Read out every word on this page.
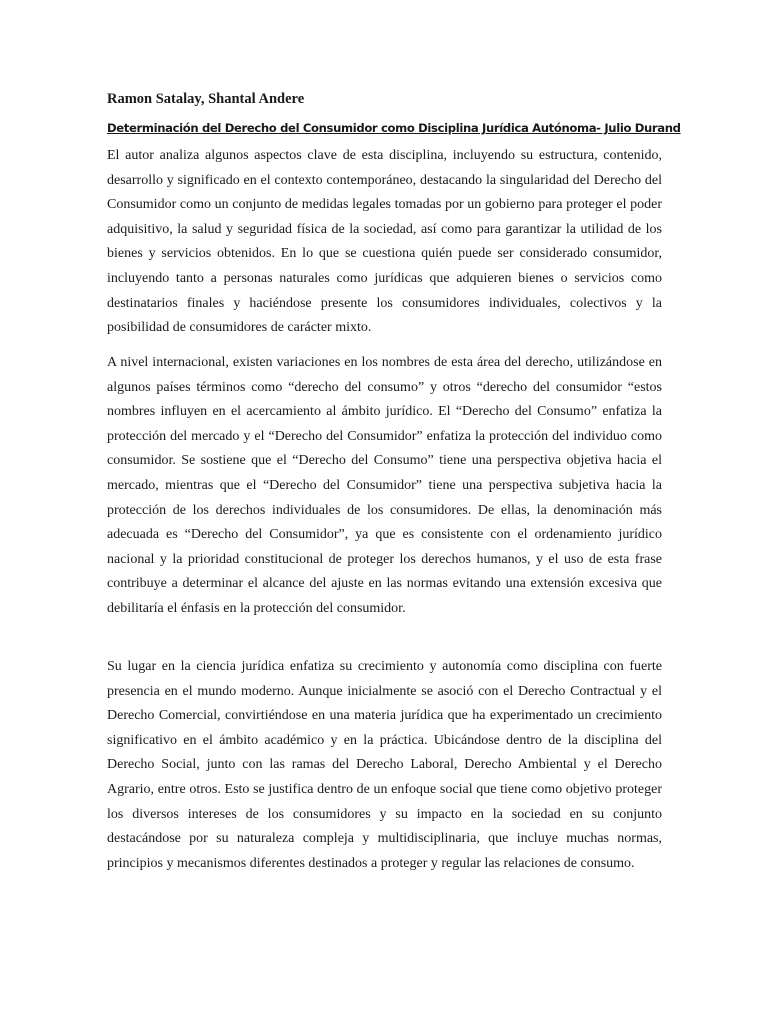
Ramon Satalay, Shantal Andere
Determinación del Derecho del Consumidor como Disciplina Jurídica Autónoma- Julio Durand

El autor analiza algunos aspectos clave de esta disciplina, incluyendo su estructura, contenido, desarrollo y significado en el contexto contemporáneo, destacando la singularidad del Derecho del Consumidor como un conjunto de medidas legales tomadas por un gobierno para proteger el poder adquisitivo, la salud y seguridad física de la sociedad, así como para garantizar la utilidad de los bienes y servicios obtenidos. En lo que se cuestiona quién puede ser considerado consumidor, incluyendo tanto a personas naturales como jurídicas que adquieren bienes o servicios como destinatarios finales y haciéndose presente los consumidores individuales, colectivos y la posibilidad de consumidores de carácter mixto.

A nivel internacional, existen variaciones en los nombres de esta área del derecho, utilizándose en algunos países términos como “derecho del consumo” y otros “derecho del consumidor “estos nombres influyen en el acercamiento al ámbito jurídico. El “Derecho del Consumo” enfatiza la protección del mercado y el “Derecho del Consumidor” enfatiza la protección del individuo como consumidor. Se sostiene que el “Derecho del Consumo” tiene una perspectiva objetiva hacia el mercado, mientras que el “Derecho del Consumidor” tiene una perspectiva subjetiva hacia la protección de los derechos individuales de los consumidores. De ellas, la denominación más adecuada es “Derecho del Consumidor”, ya que es consistente con el ordenamiento jurídico nacional y la prioridad constitucional de proteger los derechos humanos, y el uso de esta frase contribuye a determinar el alcance del ajuste en las normas evitando una extensión excesiva que debilitaría el énfasis en la protección del consumidor.

Su lugar en la ciencia jurídica enfatiza su crecimiento y autonomía como disciplina con fuerte presencia en el mundo moderno. Aunque inicialmente se asoció con el Derecho Contractual y el Derecho Comercial, convirtiéndose en una materia jurídica que ha experimentado un crecimiento significativo en el ámbito académico y en la práctica. Ubicándose dentro de la disciplina del Derecho Social, junto con las ramas del Derecho Laboral, Derecho Ambiental y el Derecho Agrario, entre otros. Esto se justifica dentro de un enfoque social que tiene como objetivo proteger los diversos intereses de los consumidores y su impacto en la sociedad en su conjunto destacándose por su naturaleza compleja y multidisciplinaria, que incluye muchas normas, principios y mecanismos diferentes destinados a proteger y regular las relaciones de consumo.
